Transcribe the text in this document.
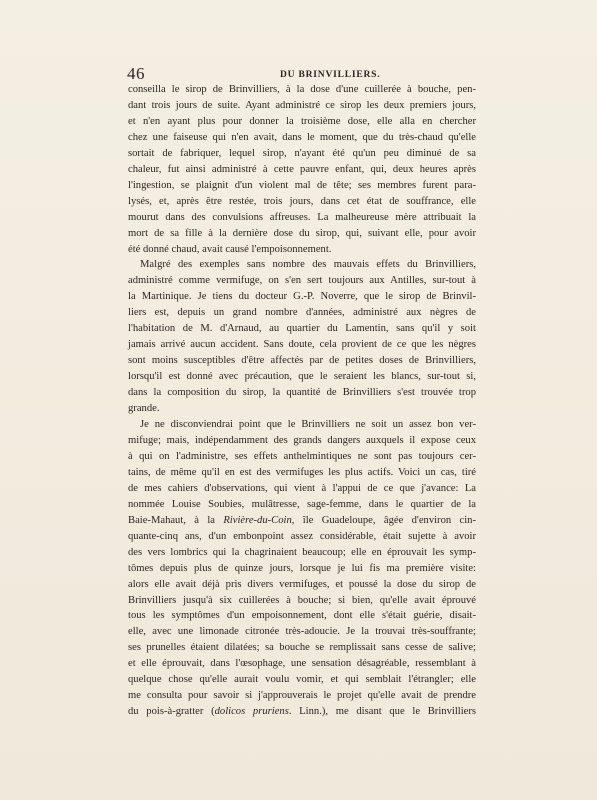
46	DU BRINVILLIERS.
conseilla le sirop de Brinvilliers, à la dose d'une cuillerée à bouche, pen-
dant trois jours de suite. Ayant administré ce sirop les deux premiers jours,
et n'en ayant plus pour donner la troisième dose, elle alla en chercher
chez une faiseuse qui n'en avait, dans le moment, que du très-chaud qu'elle
sortait de fabriquer, lequel sirop, n'ayant été qu'un peu diminué de sa
chaleur, fut ainsi administré à cette pauvre enfant, qui, deux heures après
l'ingestion, se plaignit d'un violent mal de tête; ses membres furent para-
lysés, et, après être restée, trois jours, dans cet état de souffrance, elle
mourut dans des convulsions affreuses. La malheureuse mère attribuait la
mort de sa fille à la dernière dose du sirop, qui, suivant elle, pour avoir
été donné chaud, avait causé l'empoisonnement.
Malgré des exemples sans nombre des mauvais effets du Brinvilliers,
administré comme vermifuge, on s'en sert toujours aux Antilles, sur-tout à
la Martinique. Je tiens du docteur G.-P. Noverre, que le sirop de Brinvil-
liers est, depuis un grand nombre d'années, administré aux nègres de
l'habitation de M. d'Arnaud, au quartier du Lamentin, sans qu'il y soit
jamais arrivé aucun accident. Sans doute, cela provient de ce que les nègres
sont moins susceptibles d'être affectés par de petites doses de Brinvilliers,
lorsqu'il est donné avec précaution, que le seraient les blancs, sur-tout si,
dans la composition du sirop, la quantité de Brinvilliers s'est trouvée trop
grande.
Je ne disconviendrai point que le Brinvilliers ne soit un assez bon ver-
mifuge; mais, indépendamment des grands dangers auxquels il expose ceux
à qui on l'administre, ses effets anthelmintiques ne sont pas toujours cer-
tains, de même qu'il en est des vermifuges les plus actifs. Voici un cas, tiré
de mes cahiers d'observations, qui vient à l'appui de ce que j'avance: La
nommée Louise Soubies, mulâtresse, sage-femme, dans le quartier de la
Baie-Mahaut, à la Rivière-du-Coin, île Guadeloupe, âgée d'environ cin-
quante-cinq ans, d'un embonpoint assez considérable, était sujette à avoir
des vers lombrics qui la chagrinaient beaucoup; elle en éprouvait les symp-
tômes depuis plus de quinze jours, lorsque je lui fis ma première visite:
alors elle avait déjà pris divers vermifuges, et poussé la dose du sirop de
Brinvilliers jusqu'à six cuillerées à bouche; si bien, qu'elle avait éprouvé
tous les symptômes d'un empoisonnement, dont elle s'était guérie, disait-
elle, avec une limonade citronée très-adoucie. Je la trouvai très-souffrante;
ses prunelles étaient dilatées; sa bouche se remplissait sans cesse de salive;
et elle éprouvait, dans l'œsophage, une sensation désagréable, ressemblant à
quelque chose qu'elle aurait voulu vomir, et qui semblait l'étrangler; elle
me consulta pour savoir si j'approuverais le projet qu'elle avait de prendre
du pois-à-gratter (dolicos pruriens. Linn.), me disant que le Brinvilliers
